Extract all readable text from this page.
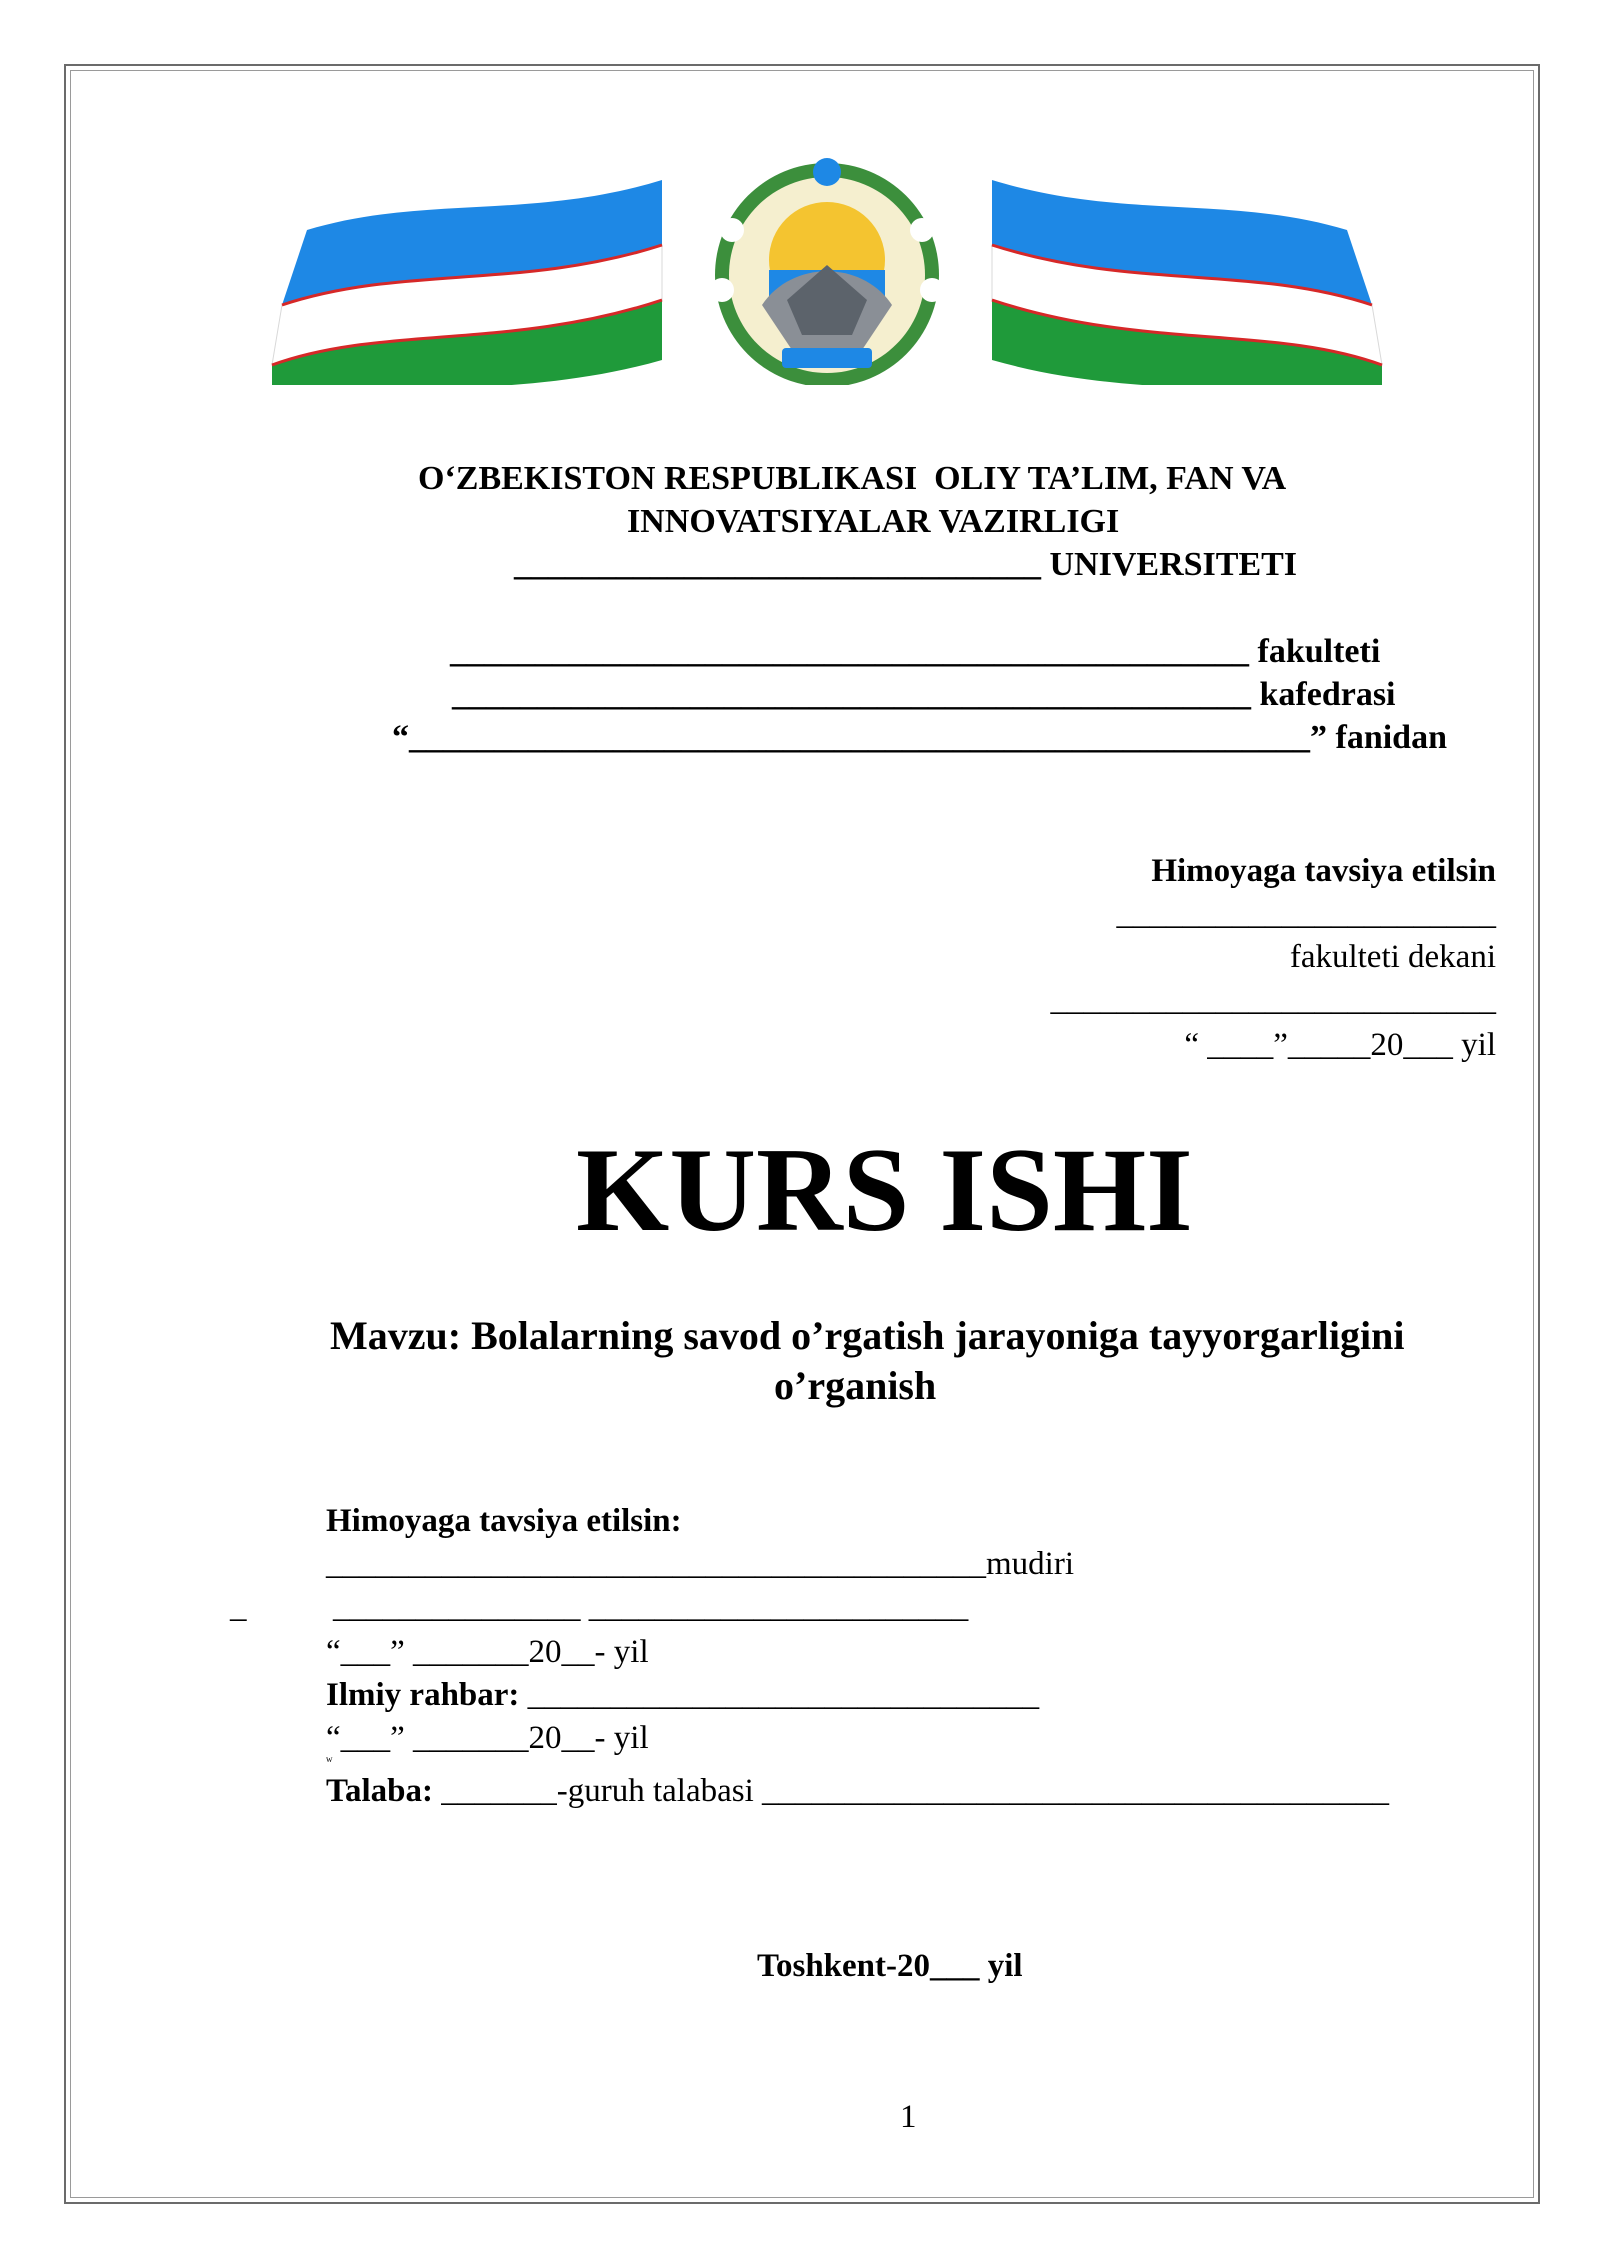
O‘ZBEKISTON RESPUBLIKASI  OLIY TA’LIM, FAN VA
INNOVATSIYALAR VAZIRLIGI
_______________________________ UNIVERSITETI
_______________________________________________ fakulteti
_______________________________________________ kafedrasi
“_____________________________________________________” fanidan
Himoyaga tavsiya etilsin
_______________________
fakulteti dekani
___________________________
“ ____”_____20___ yil
KURS ISHI
Mavzu: Bolalarning savod o’rgatish jarayoniga tayyorgarligini
o’rganish
Himoyaga tavsiya etilsin:
________________________________________mudiri
_	_______________ _______________________
“___” _______20__- yil
Ilmiy rahbar: _______________________________
“___” _______20__- yil
w
Talaba: _______-guruh talabasi ______________________________________
Toshkent-20___ yil
1
